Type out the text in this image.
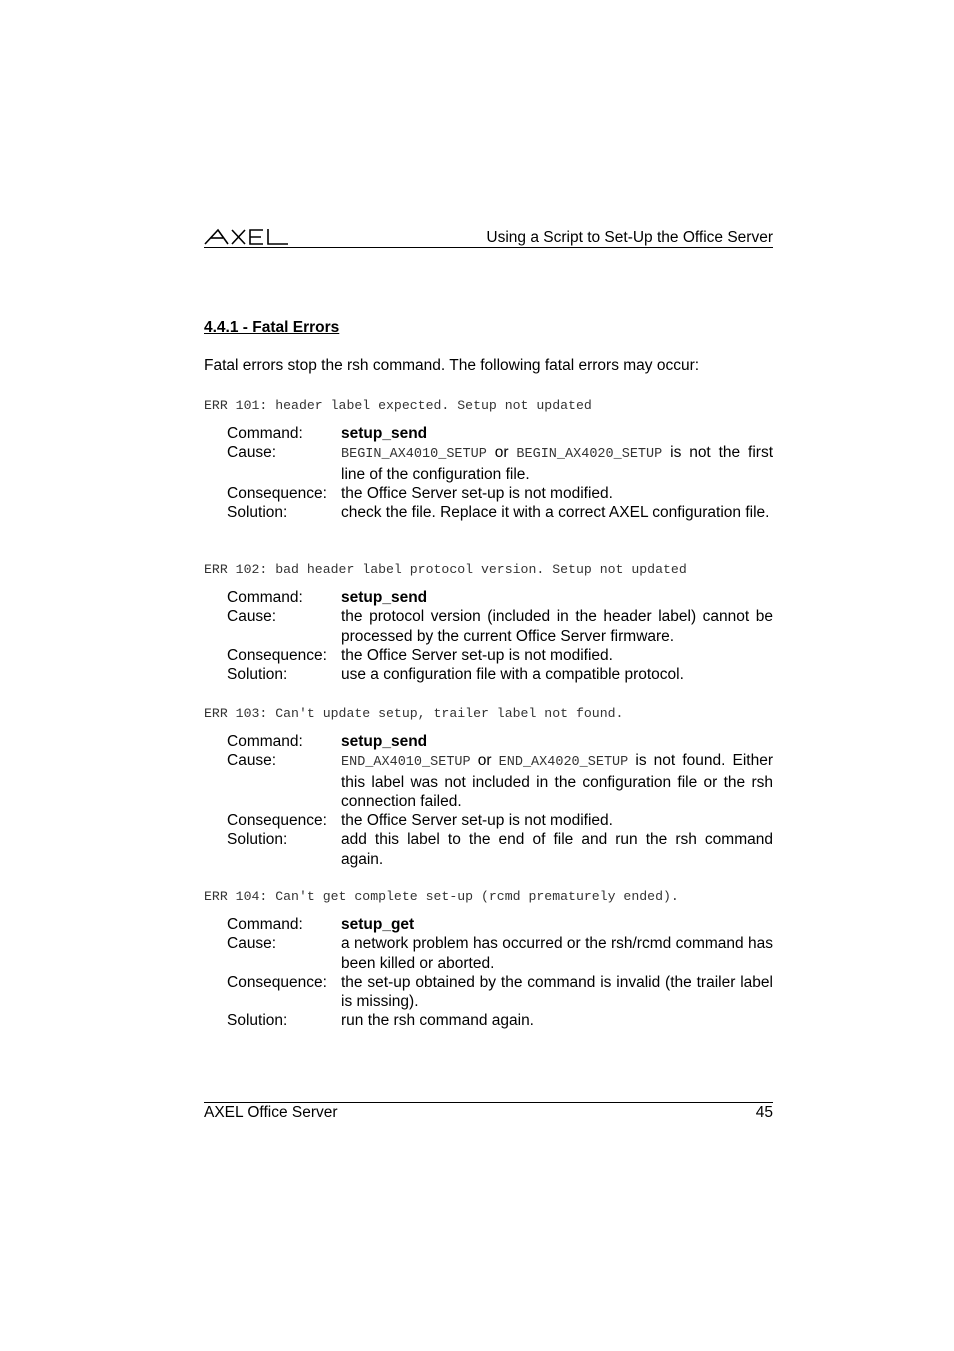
Using a Script to Set-Up the Office Server
4.4.1 - Fatal Errors
Fatal errors stop the rsh command. The following fatal errors may occur:
ERR 101: header label expected. Setup not updated
Command:	setup_send
Cause:	BEGIN_AX4010_SETUP or BEGIN_AX4020_SETUP is not the first line of the configuration file.
Consequence: the Office Server set-up is not modified.
Solution:	check the file. Replace it with a correct AXEL configuration file.
ERR 102: bad header label protocol version. Setup not updated
Command:	setup_send
Cause:	the protocol version (included in the header label) cannot be processed by the current Office Server firmware.
Consequence: the Office Server set-up is not modified.
Solution:	use a configuration file with a compatible protocol.
ERR 103: Can't update setup, trailer label not found.
Command:	setup_send
Cause:	END_AX4010_SETUP or END_AX4020_SETUP is not found. Either this label was not included in the configuration file or the rsh connection failed.
Consequence: the Office Server set-up is not modified.
Solution:	add this label to the end of file and run the rsh command again.
ERR 104: Can't get complete set-up (rcmd prematurely ended).
Command:	setup_get
Cause:	a network problem has occurred or the rsh/rcmd command has been killed or aborted.
Consequence: the set-up obtained by the command is invalid (the trailer label is missing).
Solution:	run the rsh command again.
AXEL Office Server	45
